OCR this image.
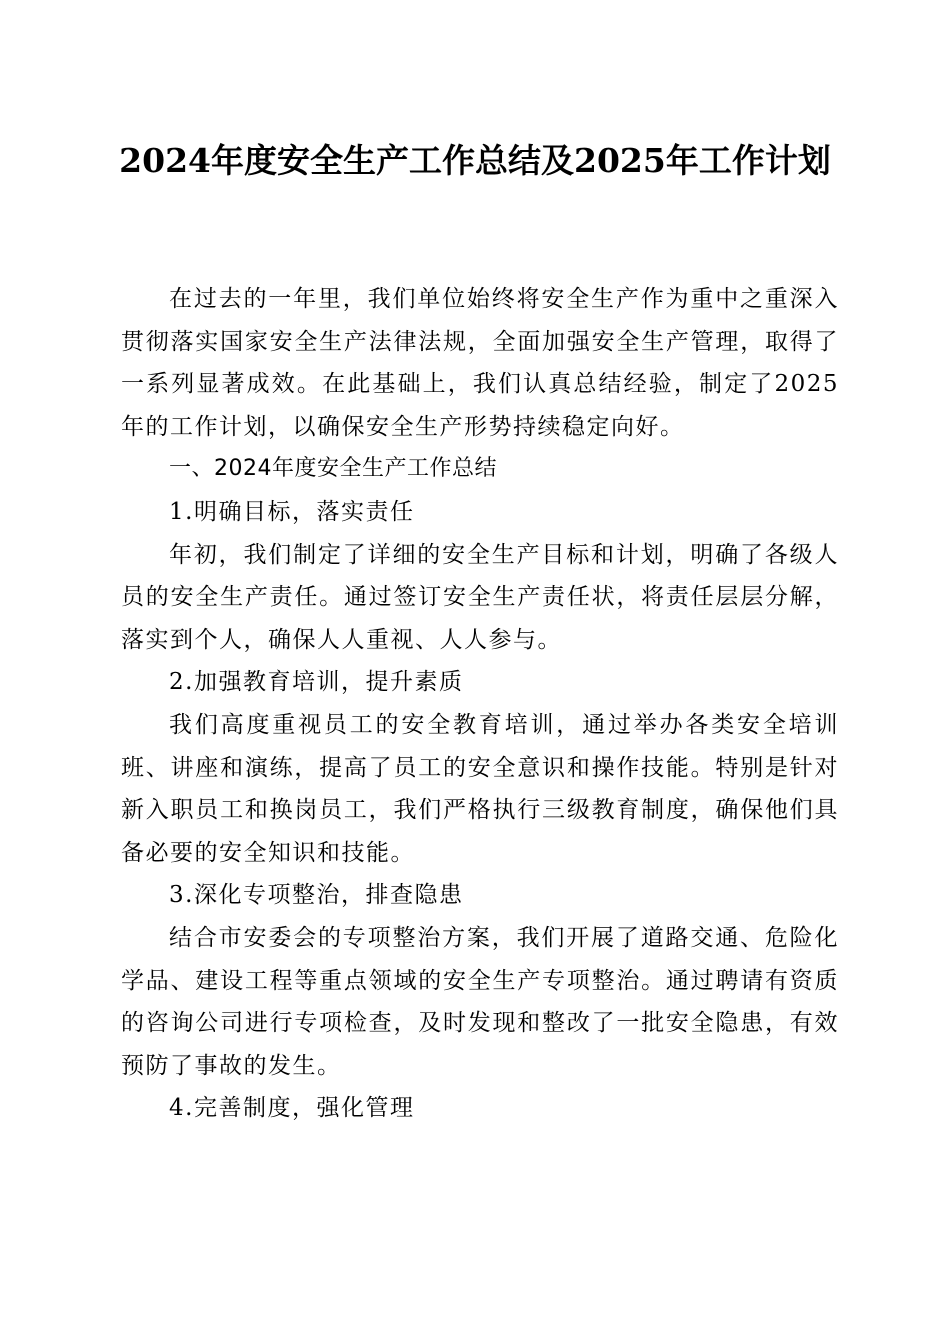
2024年度安全生产工作总结及2025年工作计划

在过去的一年里，我们单位始终将安全生产作为重中之重深入贯彻落实国家安全生产法律法规，全面加强安全生产管理，取得了一系列显著成效。在此基础上，我们认真总结经验，制定了2025年的工作计划，以确保安全生产形势持续稳定向好。

一、2024年度安全生产工作总结

1.明确目标，落实责任

年初，我们制定了详细的安全生产目标和计划，明确了各级人员的安全生产责任。通过签订安全生产责任状，将责任层层分解，落实到个人，确保人人重视、人人参与。

2.加强教育培训，提升素质

我们高度重视员工的安全教育培训，通过举办各类安全培训班、讲座和演练，提高了员工的安全意识和操作技能。特别是针对新入职员工和换岗员工，我们严格执行三级教育制度，确保他们具备必要的安全知识和技能。

3.深化专项整治，排查隐患

结合市安委会的专项整治方案，我们开展了道路交通、危险化学品、建设工程等重点领域的安全生产专项整治。通过聘请有资质的咨询公司进行专项检查，及时发现和整改了一批安全隐患，有效预防了事故的发生。

4.完善制度，强化管理
